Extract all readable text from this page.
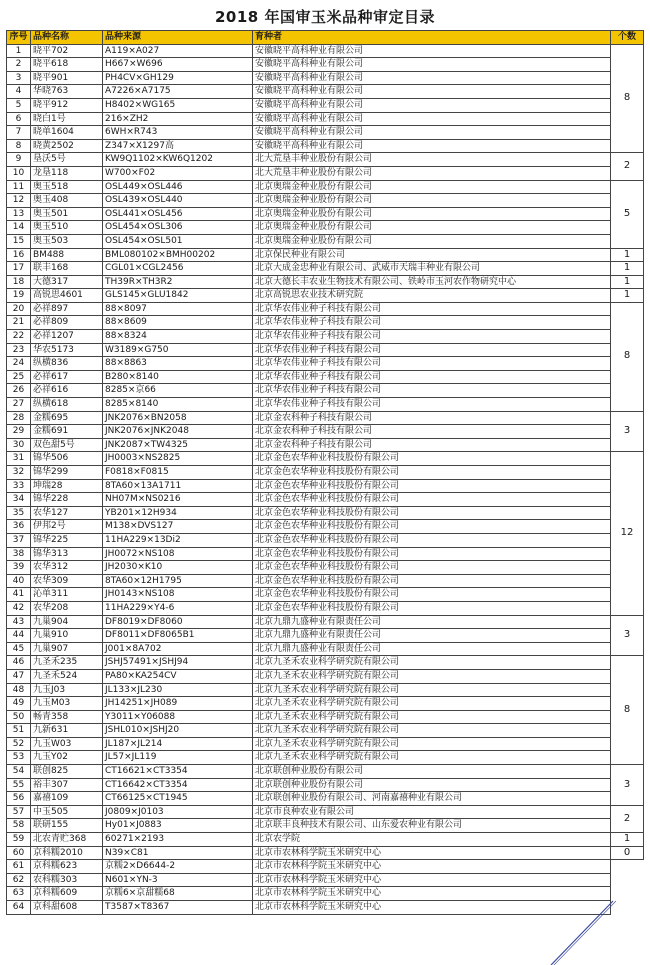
2018 年国审玉米品种审定目录
序号	品种名称	品种来源	育种者	个数
1	晓平702	A119×A027	安徽晓平高科种业有限公司	8
2	晓平618	H667×W696	安徽晓平高科种业有限公司	
3	晓平901	PH4CV×GH129	安徽晓平高科种业有限公司	
4	华晓763	A7226×A7175	安徽晓平高科种业有限公司	
5	晓平912	H8402×WG165	安徽晓平高科种业有限公司	
6	晓白1号	216×ZH2	安徽晓平高科种业有限公司	
7	晓单1604	6WH×R743	安徽晓平高科种业有限公司	
8	晓黄2502	Z347×X1297高	安徽晓平高科种业有限公司	
9	垦沃5号	KW9Q1102×KW6Q1202	北大荒垦丰种业股份有限公司	2
10	龙垦118	W700×F02	北大荒垦丰种业股份有限公司	
11	奥玉518	OSL449×OSL446	北京奥瑞金种业股份有限公司	5
12	奥玉408	OSL439×OSL440	北京奥瑞金种业股份有限公司	
13	奥玉501	OSL441×OSL456	北京奥瑞金种业股份有限公司	
14	奥玉510	OSL454×OSL306	北京奥瑞金种业股份有限公司	
15	奥玉503	OSL454×OSL501	北京奥瑞金种业股份有限公司	
16	BM488	BML080102×BMH00202	北京保民种业有限公司	1
17	联丰168	CGL01×CGL2456	北京大成金忠种业有限公司、武威市天瑞丰种业有限公司	1
18	大德317	TH39R×TH3R2	北京大德长丰农业生物技术有限公司、铁岭市玉河农作物研究中心	1
19	高锐思4601	GLS145×GLU1842	北京高锐思农业技术研究院	1
20	必祥897	88×8097	北京华农伟业种子科技有限公司	8
21	必祥809	88×8609	北京华农伟业种子科技有限公司	
22	必祥1207	88×8324	北京华农伟业种子科技有限公司	
23	华农5173	W3189×G750	北京华农伟业种子科技有限公司	
24	纵横836	88×8863	北京华农伟业种子科技有限公司	
25	必祥617	B280×8140	北京华农伟业种子科技有限公司	
26	必祥616	8285×京66	北京华农伟业种子科技有限公司	
27	纵横618	8285×8140	北京华农伟业种子科技有限公司	
28	金糯695	JNK2076×BN2058	北京金农科种子科技有限公司	3
29	金糯691	JNK2076×JNK2048	北京金农科种子科技有限公司	
30	双色甜5号	JNK2087×TW4325	北京金农科种子科技有限公司	
31	锦华506	JH0003×NS2825	北京金色农华种业科技股份有限公司	12
32	锦华299	F0818×F0815	北京金色农华种业科技股份有限公司	
33	坤瑞28	8TA60×13A1711	北京金色农华种业科技股份有限公司	
34	锦华228	NH07M×NS0216	北京金色农华种业科技股份有限公司	
35	农华127	YB201×12H934	北京金色农华种业科技股份有限公司	
36	伊邦2号	M138×DVS127	北京金色农华种业科技股份有限公司	
37	锦华225	11HA229×13Di2	北京金色农华种业科技股份有限公司	
38	锦华313	JH0072×NS108	北京金色农华种业科技股份有限公司	
39	农华312	JH2030×K10	北京金色农华种业科技股份有限公司	
40	农华309	8TA60×12H1795	北京金色农华种业科技股份有限公司	
41	沁单311	JH0143×NS108	北京金色农华种业科技股份有限公司	
42	农华208	11HA229×Y4-6	北京金色农华种业科技股份有限公司	
43	九巢904	DF8019×DF8060	北京九鼎九盛种业有限责任公司	3
44	九巢910	DF8011×DF8065B1	北京九鼎九盛种业有限责任公司	
45	九巢907	J001×8A702	北京九鼎九盛种业有限责任公司	
46	九圣禾235	JSHJ57491×JSHJ94	北京九圣禾农业科学研究院有限公司	8
47	九圣禾524	PA80×KA254CV	北京九圣禾农业科学研究院有限公司	
48	九玉J03	JL133×JL230	北京九圣禾农业科学研究院有限公司	
49	九玉M03	JH14251×JH089	北京九圣禾农业科学研究院有限公司	
50	畅青358	Y3011×Y06088	北京九圣禾农业科学研究院有限公司	
51	九新631	JSHL010×JSHJ20	北京九圣禾农业科学研究院有限公司	
52	九玉W03	JL187×JL214	北京九圣禾农业科学研究院有限公司	
53	九玉Y02	JL57×JL119	北京九圣禾农业科学研究院有限公司	
54	联创825	CT16621×CT3354	北京联创种业股份有限公司	3
55	裕丰307	CT16642×CT3354	北京联创种业股份有限公司	
56	嘉禧109	CT66125×CT1945	北京联创种业股份有限公司、河南嘉禧种业有限公司	
57	中玉505	J0809×J0103	北京市良种农业有限公司	2
58	联研155	Hy01×J0883	北京联丰良种技术有限公司、山东爱农种业有限公司	
59	北农青贮368	60271×2193	北京农学院	1
60	京科糯2010	N39×C81	北京市农林科学院玉米研究中心	0
61	京科糯623	京糯2×D6644-2	北京市农林科学院玉米研究中心	
62	农科糯303	N601×YN-3	北京市农林科学院玉米研究中心	
63	京科糯609	京糯6×京甜糯68	北京市农林科学院玉米研究中心	
64	京科甜608	T3587×T8367	北京市农林科学院玉米研究中心	
